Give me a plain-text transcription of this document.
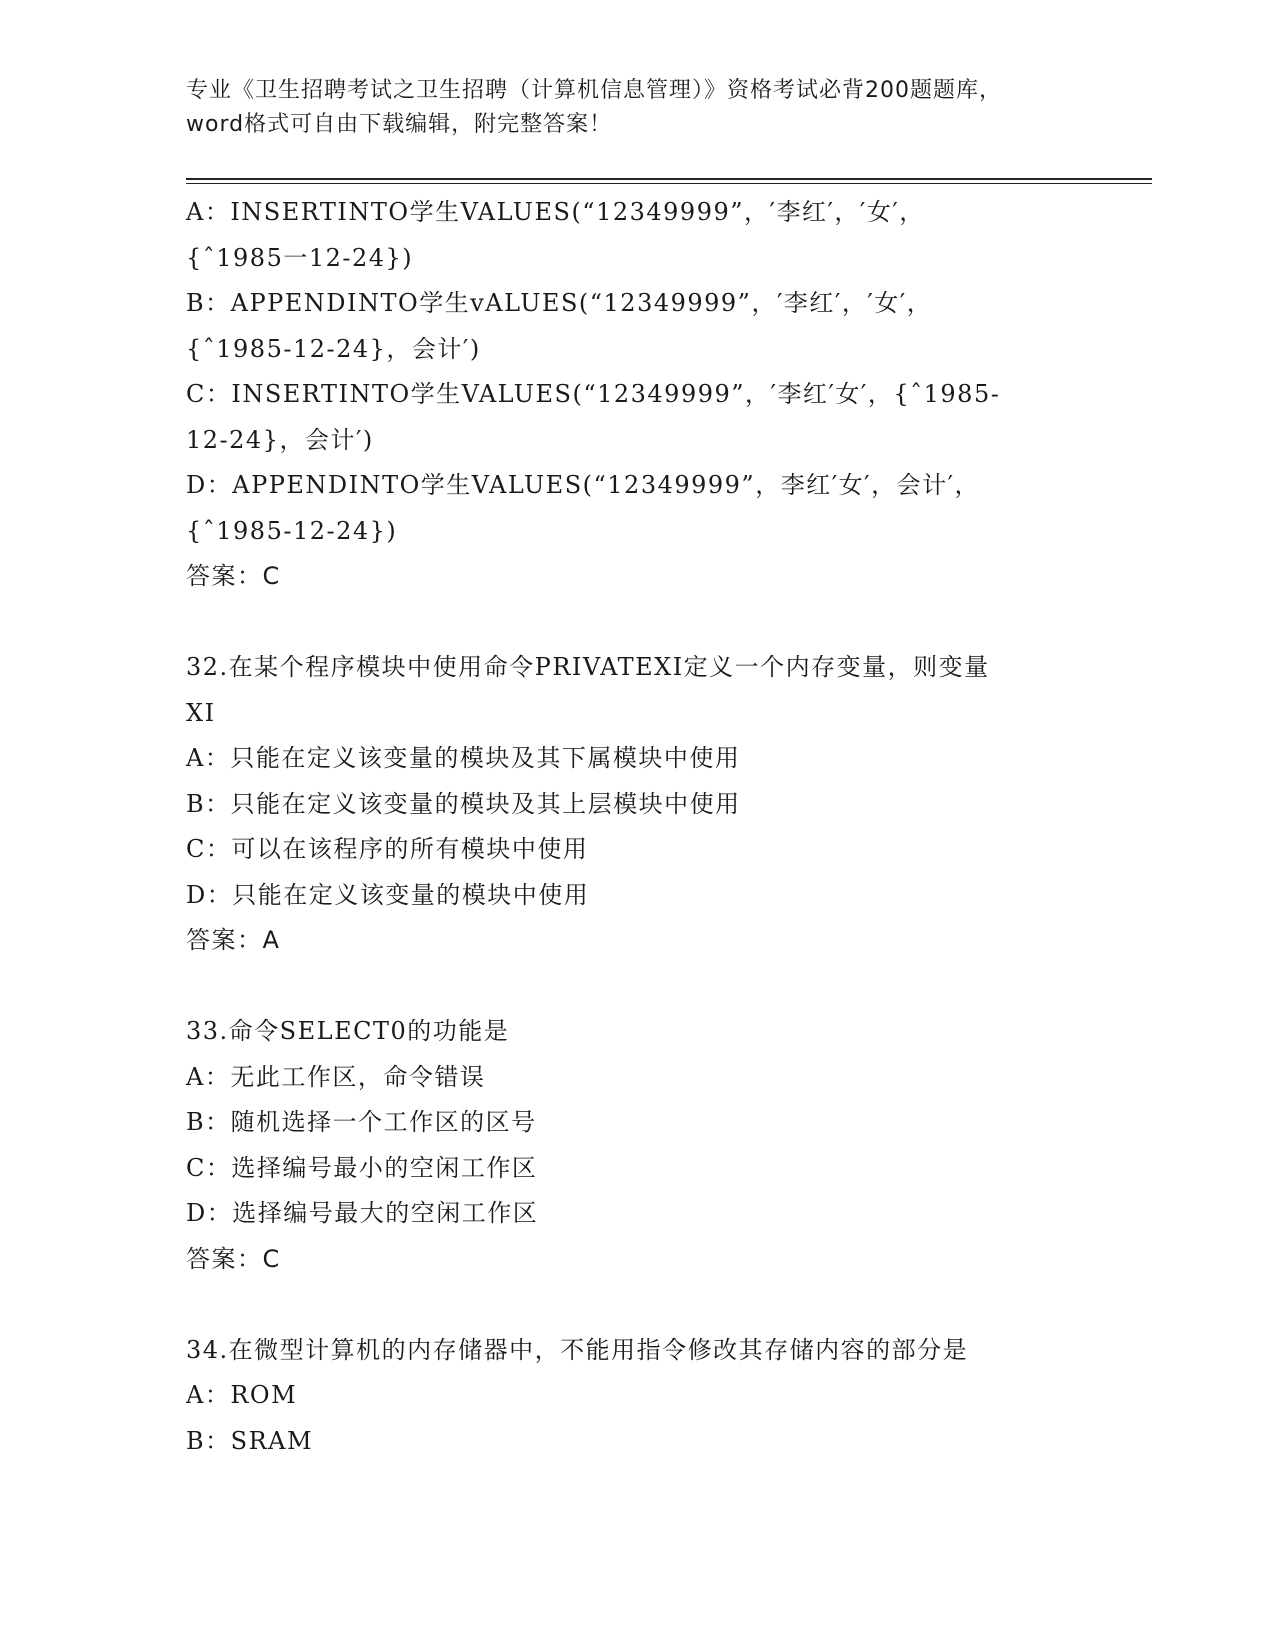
专业《卫生招聘考试之卫生招聘（计算机信息管理）》资格考试必背200题题库，
word格式可自由下载编辑，附完整答案！
A：INSERTINTO学生VALUES(“12349999”，′李红′，′女′，
{ˆ1985一12-24})
B：APPENDINTO学生vALUES(“12349999”，′李红′，′女′，
{ˆ1985-12-24}，会计′)
C：INSERTINTO学生VALUES(“12349999”，′李红′女′，{ˆ1985-
12-24}，会计′)
D：APPENDINTO学生VALUES(“12349999”，李红′女′，会计′，
{ˆ1985-12-24})
答案：C
32.在某个程序模块中使用命令PRIVATEXI定义一个内存变量，则变量
XI
A：只能在定义该变量的模块及其下属模块中使用
B：只能在定义该变量的模块及其上层模块中使用
C：可以在该程序的所有模块中使用
D：只能在定义该变量的模块中使用
答案：A
33.命令SELECT0的功能是
A：无此工作区，命令错误
B：随机选择一个工作区的区号
C：选择编号最小的空闲工作区
D：选择编号最大的空闲工作区
答案：C
34.在微型计算机的内存储器中，不能用指令修改其存储内容的部分是
A：ROM
B：SRAM
